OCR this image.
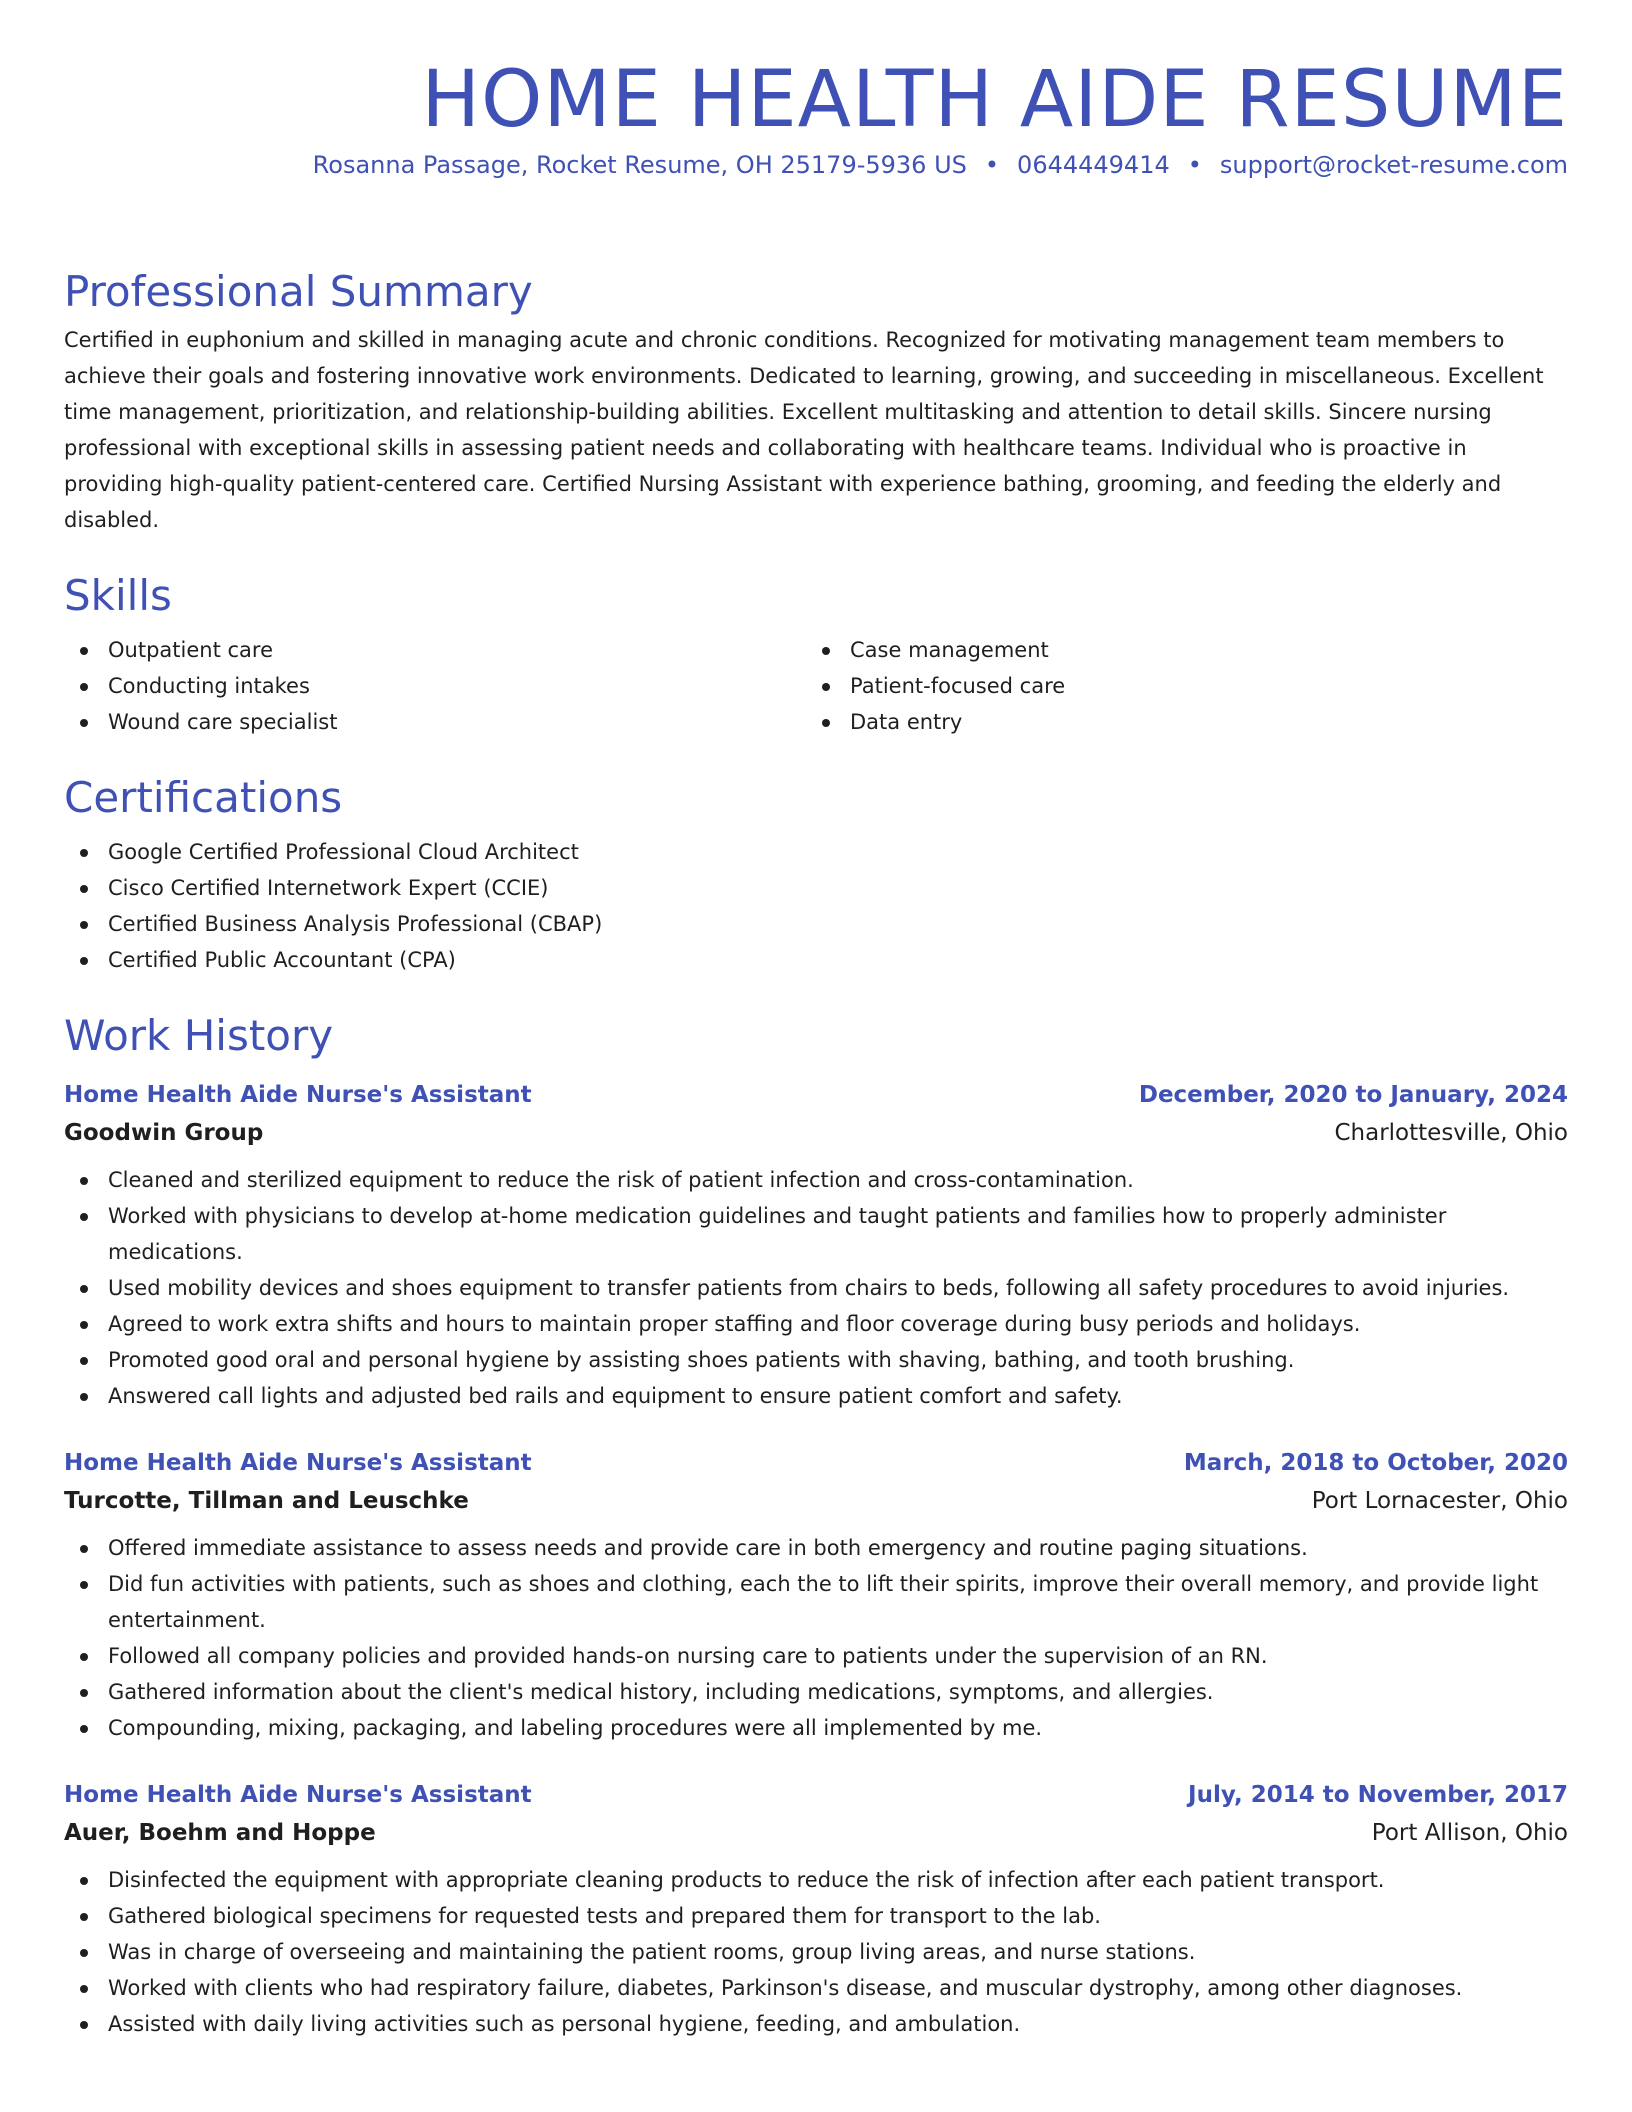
HOME HEALTH AIDE RESUME
Rosanna Passage, Rocket Resume, OH 25179-5936 US • 0644449414 • support@rocket-resume.com
Professional Summary

Certified in euphonium and skilled in managing acute and chronic conditions. Recognized for motivating management team members to achieve their goals and fostering innovative work environments. Dedicated to learning, growing, and succeeding in miscellaneous. Excellent time management, prioritization, and relationship-building abilities. Excellent multitasking and attention to detail skills. Sincere nursing professional with exceptional skills in assessing patient needs and collaborating with healthcare teams. Individual who is proactive in providing high-quality patient-centered care. Certified Nursing Assistant with experience bathing, grooming, and feeding the elderly and disabled.

Skills
Outpatient care
Conducting intakes
Wound care specialist
Case management
Patient-focused care
Data entry
Certifications
Google Certified Professional Cloud Architect
Cisco Certified Internetwork Expert (CCIE)
Certified Business Analysis Professional (CBAP)
Certified Public Accountant (CPA)
Work History
Home Health Aide Nurse's Assistant	December, 2020 to January, 2024
Goodwin Group	Charlottesville, Ohio
Cleaned and sterilized equipment to reduce the risk of patient infection and cross-contamination.
Worked with physicians to develop at-home medication guidelines and taught patients and families how to properly administer medications.
Used mobility devices and shoes equipment to transfer patients from chairs to beds, following all safety procedures to avoid injuries.
Agreed to work extra shifts and hours to maintain proper staffing and floor coverage during busy periods and holidays.
Promoted good oral and personal hygiene by assisting shoes patients with shaving, bathing, and tooth brushing.
Answered call lights and adjusted bed rails and equipment to ensure patient comfort and safety.
Home Health Aide Nurse's Assistant	March, 2018 to October, 2020
Turcotte, Tillman and Leuschke	Port Lornacester, Ohio
Offered immediate assistance to assess needs and provide care in both emergency and routine paging situations.
Did fun activities with patients, such as shoes and clothing, each the to lift their spirits, improve their overall memory, and provide light entertainment.
Followed all company policies and provided hands-on nursing care to patients under the supervision of an RN.
Gathered information about the client's medical history, including medications, symptoms, and allergies.
Compounding, mixing, packaging, and labeling procedures were all implemented by me.
Home Health Aide Nurse's Assistant	July, 2014 to November, 2017
Auer, Boehm and Hoppe	Port Allison, Ohio
Disinfected the equipment with appropriate cleaning products to reduce the risk of infection after each patient transport.
Gathered biological specimens for requested tests and prepared them for transport to the lab.
Was in charge of overseeing and maintaining the patient rooms, group living areas, and nurse stations.
Worked with clients who had respiratory failure, diabetes, Parkinson's disease, and muscular dystrophy, among other diagnoses.
Assisted with daily living activities such as personal hygiene, feeding, and ambulation.
